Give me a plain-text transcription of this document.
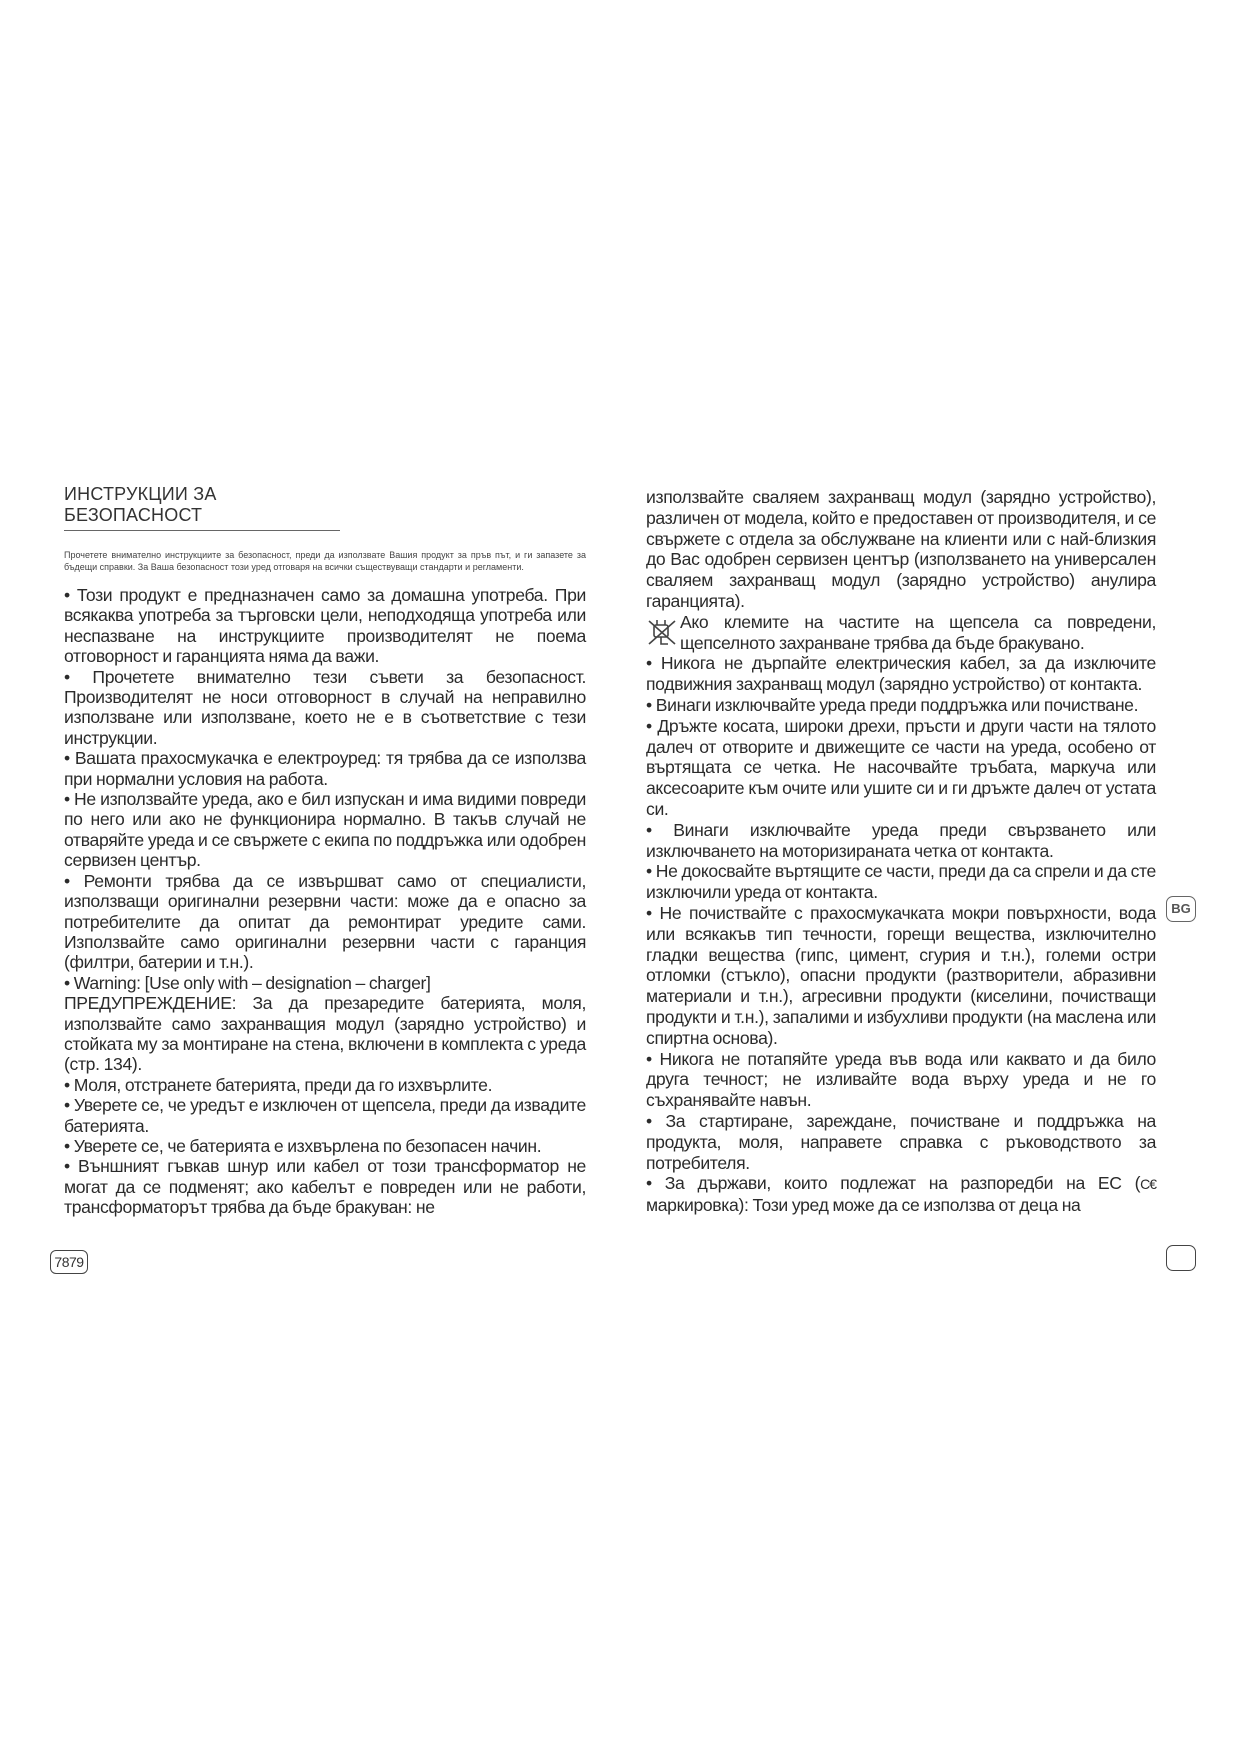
ИНСТРУКЦИИ ЗА БЕЗОПАСНОСТ

Прочетете внимателно инструкциите за безопасност, преди да използвате Вашия продукт за пръв път, и ги запазете за бъдещи справки. За Ваша безопасност този уред отговаря на всички съществуващи стандарти и регламенти.

• Този продукт е предназначен само за домашна употреба. При всякаква употреба за търговски цели, неподходяща употреба или неспазване на инструкциите производителят не поема отговорност и гаранцията няма да важи.

• Прочетете внимателно тези съвети за безопасност. Производителят не носи отговорност в случай на неправилно използване или използване, което не е в съответствие с тези инструкции.

• Вашата прахосмукачка е електроуред: тя трябва да се използва при нормални условия на работа.

• Не използвайте уреда, ако е бил изпускан и има видими повреди по него или ако не функционира нормално. В такъв случай не отваряйте уреда и се свържете с екипа по поддръжка или одобрен сервизен център.

• Ремонти трябва да се извършват само от специалисти, използващи оригинални резервни части: може да е опасно за потребителите да опитат да ремонтират уредите сами. Използвайте само оригинални резервни части с гаранция (филтри, батерии и т.н.).

• Warning: [Use only with – designation – charger]

ПРЕДУПРЕЖДЕНИЕ: За да презаредите батерията, моля, използвайте само захранващия модул (зарядно устройство) и стойката му за монтиране на стена, включени в комплекта с уреда (стр. 134).

• Моля, отстранете батерията, преди да го изхвърлите.

• Уверете се, че уредът е изключен от щепсела, преди да извадите батерията.

• Уверете се, че батерията е изхвърлена по безопасен начин.

• Външният гъвкав шнур или кабел от този трансформатор не могат да се подменят; ако кабелът е повреден или не работи, трансформаторът трябва да бъде бракуван: не

7879

използвайте сваляем захранващ модул (зарядно устройство), различен от модела, който е предоставен от производителя, и се свържете с отдела за обслужване на клиенти или с най-близкия до Вас одобрен сервизен център (използването на универсален сваляем захранващ модул (зарядно устройство) анулира гаранцията).

Ако клемите на частите на щепсела са повредени, щепселното захранване трябва да бъде бракувано.

• Никога не дърпайте електрическия кабел, за да изключите подвижния захранващ модул (зарядно устройство) от контакта.

• Винаги изключвайте уреда преди поддръжка или почистване.

• Дръжте косата, широки дрехи, пръсти и други части на тялото далеч от отворите и движещите се части на уреда, особено от въртящата се четка. Не насочвайте тръбата, маркуча или аксесоарите към очите или ушите си и ги дръжте далеч от устата си.

• Винаги изключвайте уреда преди свързването или изключването на моторизираната четка от контакта.

• Не докосвайте въртящите се части, преди да са спрели и да сте изключили уреда от контакта.

• Не почиствайте с прахосмукачката мокри повърхности, вода или всякакъв тип течности, горещи вещества, изключително гладки вещества (гипс, цимент, сгурия и т.н.), големи остри отломки (стъкло), опасни продукти (разтворители, абразивни материали и т.н.), агресивни продукти (киселини, почистващи продукти и т.н.), запалими и избухливи продукти (на маслена или спиртна основа).

• Никога не потапяйте уреда във вода или каквато и да било друга течност; не изливайте вода върху уреда и не го съхранявайте навън.

• За стартиране, зареждане, почистване и поддръжка на продукта, моля, направете справка с ръководството за потребителя.

• За държави, които подлежат на разпоредби на ЕС (C€ маркировка): Този уред може да се използва от деца на

BG
